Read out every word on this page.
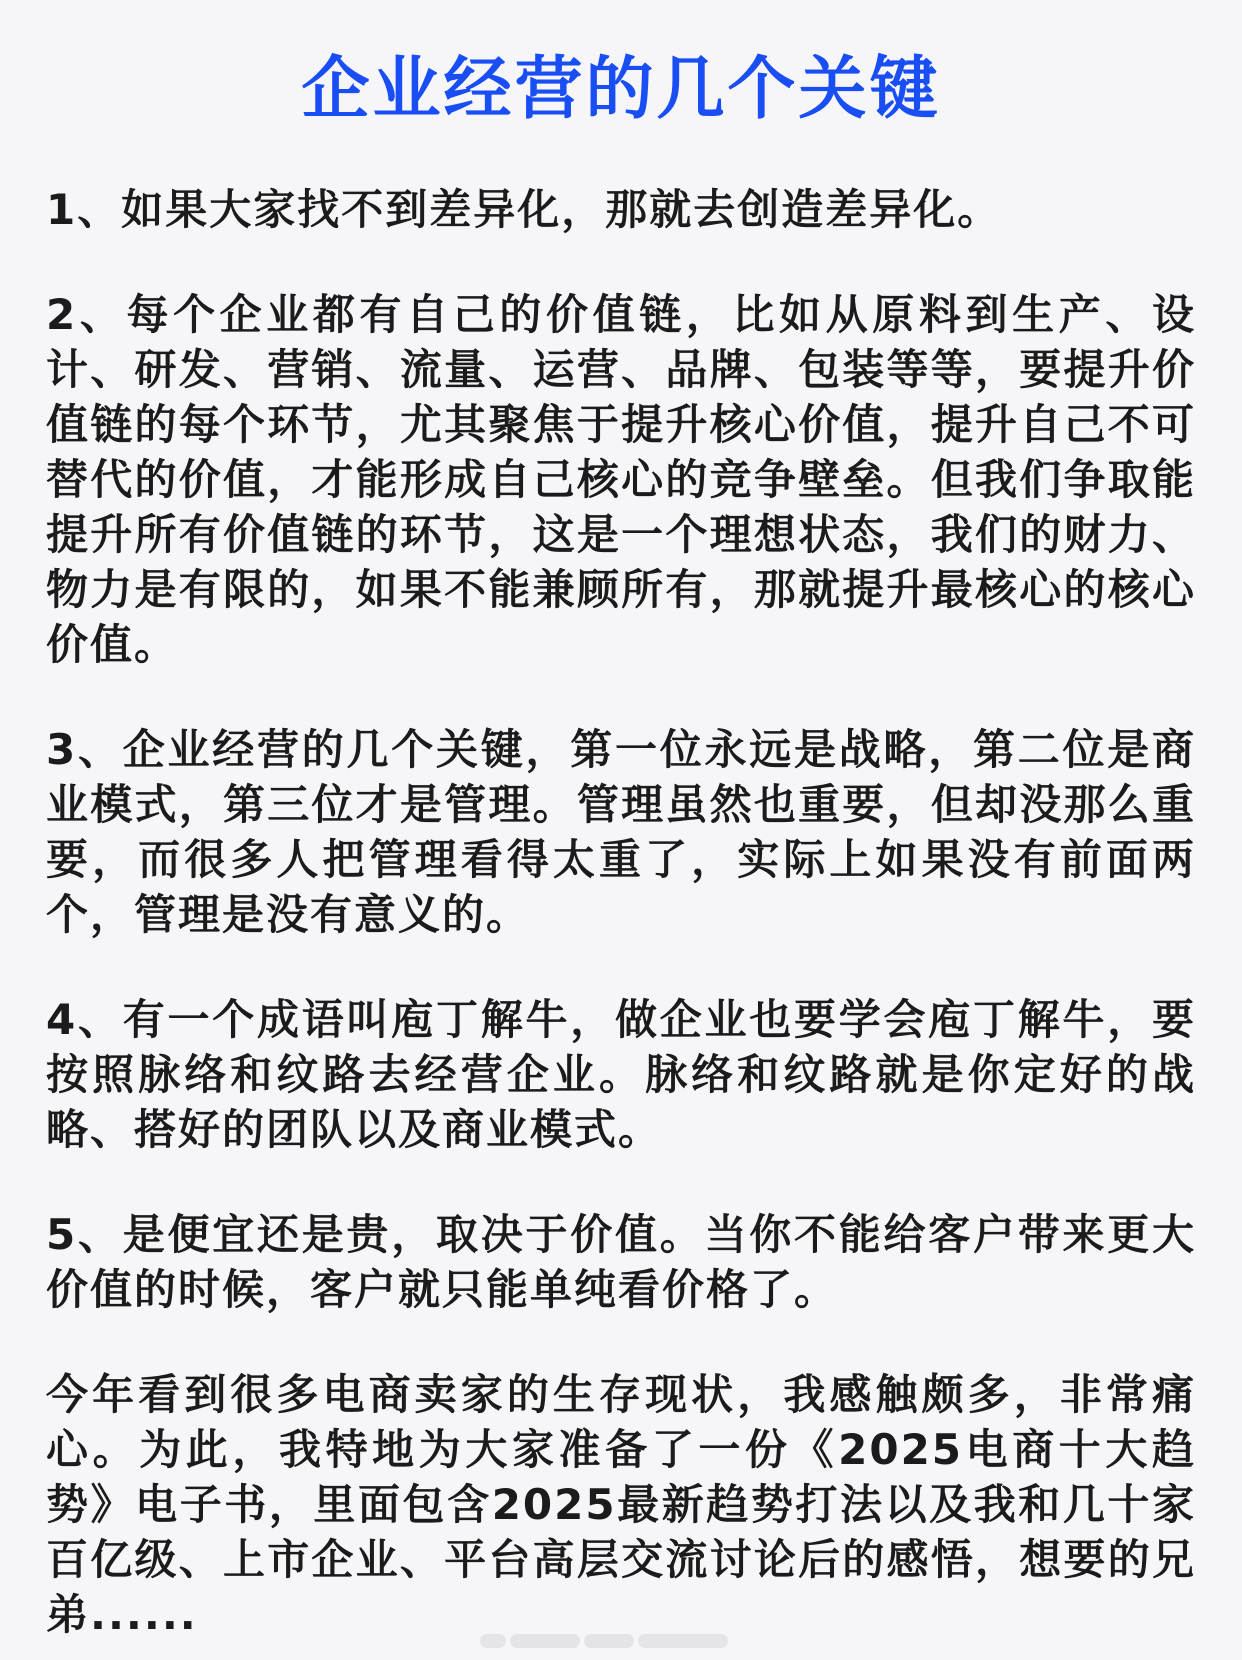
企业经营的几个关键

1、如果大家找不到差异化，那就去创造差异化。

2、每个企业都有自己的价值链，比如从原料到生产、设计、研发、营销、流量、运营、品牌、包装等等，要提升价值链的每个环节，尤其聚焦于提升核心价值，提升自己不可替代的价值，才能形成自己核心的竞争壁垒。但我们争取能提升所有价值链的环节，这是一个理想状态，我们的财力、物力是有限的，如果不能兼顾所有，那就提升最核心的核心价值。

3、企业经营的几个关键，第一位永远是战略，第二位是商业模式，第三位才是管理。管理虽然也重要，但却没那么重要，而很多人把管理看得太重了，实际上如果没有前面两个，管理是没有意义的。

4、有一个成语叫庖丁解牛，做企业也要学会庖丁解牛，要按照脉络和纹路去经营企业。脉络和纹路就是你定好的战略、搭好的团队以及商业模式。

5、是便宜还是贵，取决于价值。当你不能给客户带来更大价值的时候，客户就只能单纯看价格了。

今年看到很多电商卖家的生存现状，我感触颇多，非常痛心。为此，我特地为大家准备了一份《2025电商十大趋势》电子书，里面包含2025最新趋势打法以及我和几十家百亿级、上市企业、平台高层交流讨论后的感悟，想要的兄弟......
